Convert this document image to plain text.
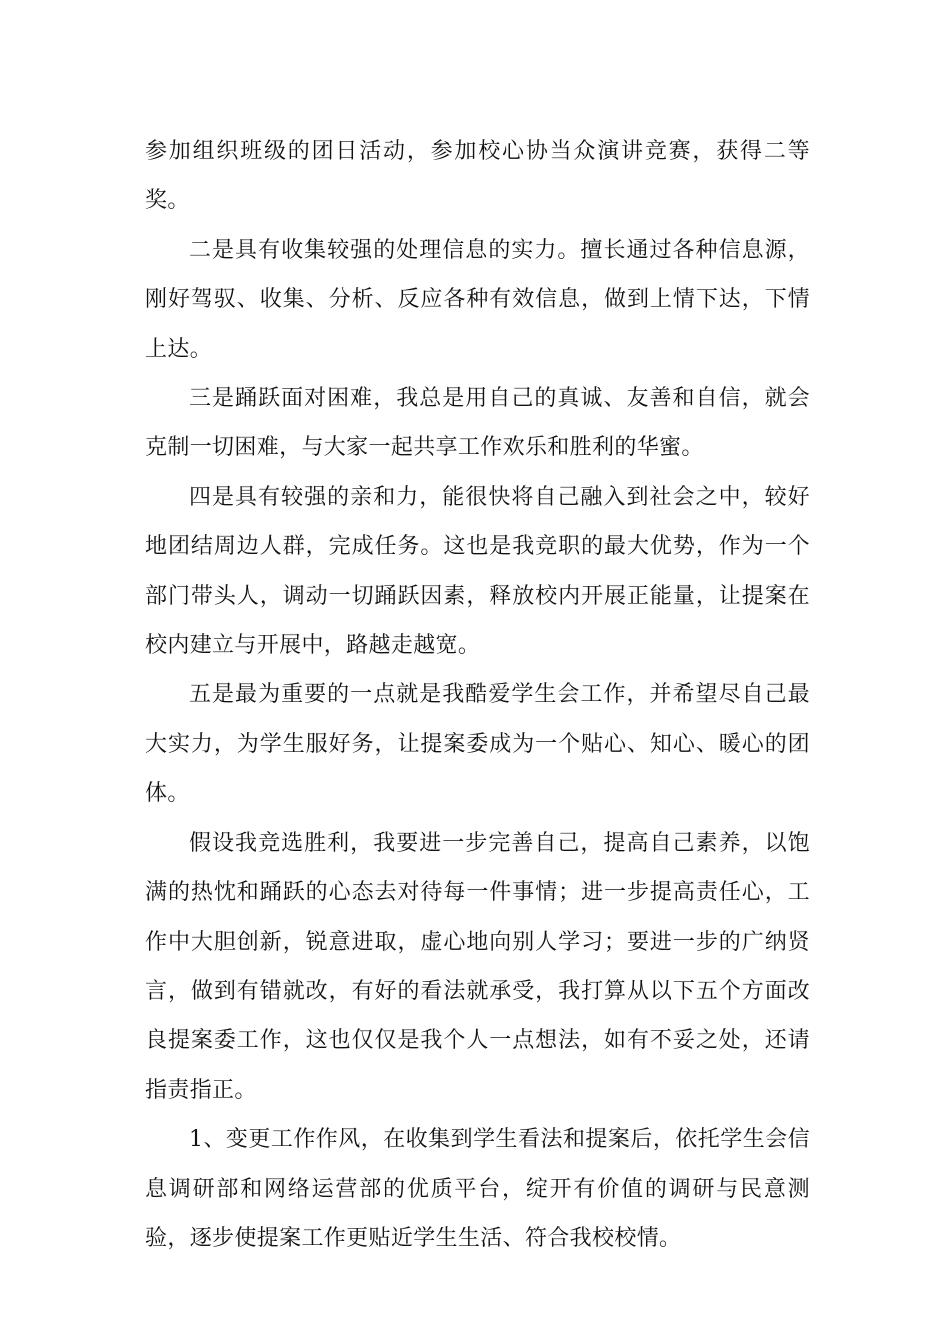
参加组织班级的团日活动，参加校心协当众演讲竞赛，获得二等奖。

二是具有收集较强的处理信息的实力。擅长通过各种信息源，刚好驾驭、收集、分析、反应各种有效信息，做到上情下达，下情上达。

三是踊跃面对困难，我总是用自己的真诚、友善和自信，就会克制一切困难，与大家一起共享工作欢乐和胜利的华蜜。

四是具有较强的亲和力，能很快将自己融入到社会之中，较好地团结周边人群，完成任务。这也是我竞职的最大优势，作为一个部门带头人，调动一切踊跃因素，释放校内开展正能量，让提案在校内建立与开展中，路越走越宽。

五是最为重要的一点就是我酷爱学生会工作，并希望尽自己最大实力，为学生服好务，让提案委成为一个贴心、知心、暖心的团体。

假设我竞选胜利，我要进一步完善自己，提高自己素养，以饱满的热忱和踊跃的心态去对待每一件事情；进一步提高责任心，工作中大胆创新，锐意进取，虚心地向别人学习；要进一步的广纳贤言，做到有错就改，有好的看法就承受，我打算从以下五个方面改良提案委工作，这也仅仅是我个人一点想法，如有不妥之处，还请指责指正。

1、变更工作作风，在收集到学生看法和提案后，依托学生会信息调研部和网络运营部的优质平台，绽开有价值的调研与民意测验，逐步使提案工作更贴近学生生活、符合我校校情。
